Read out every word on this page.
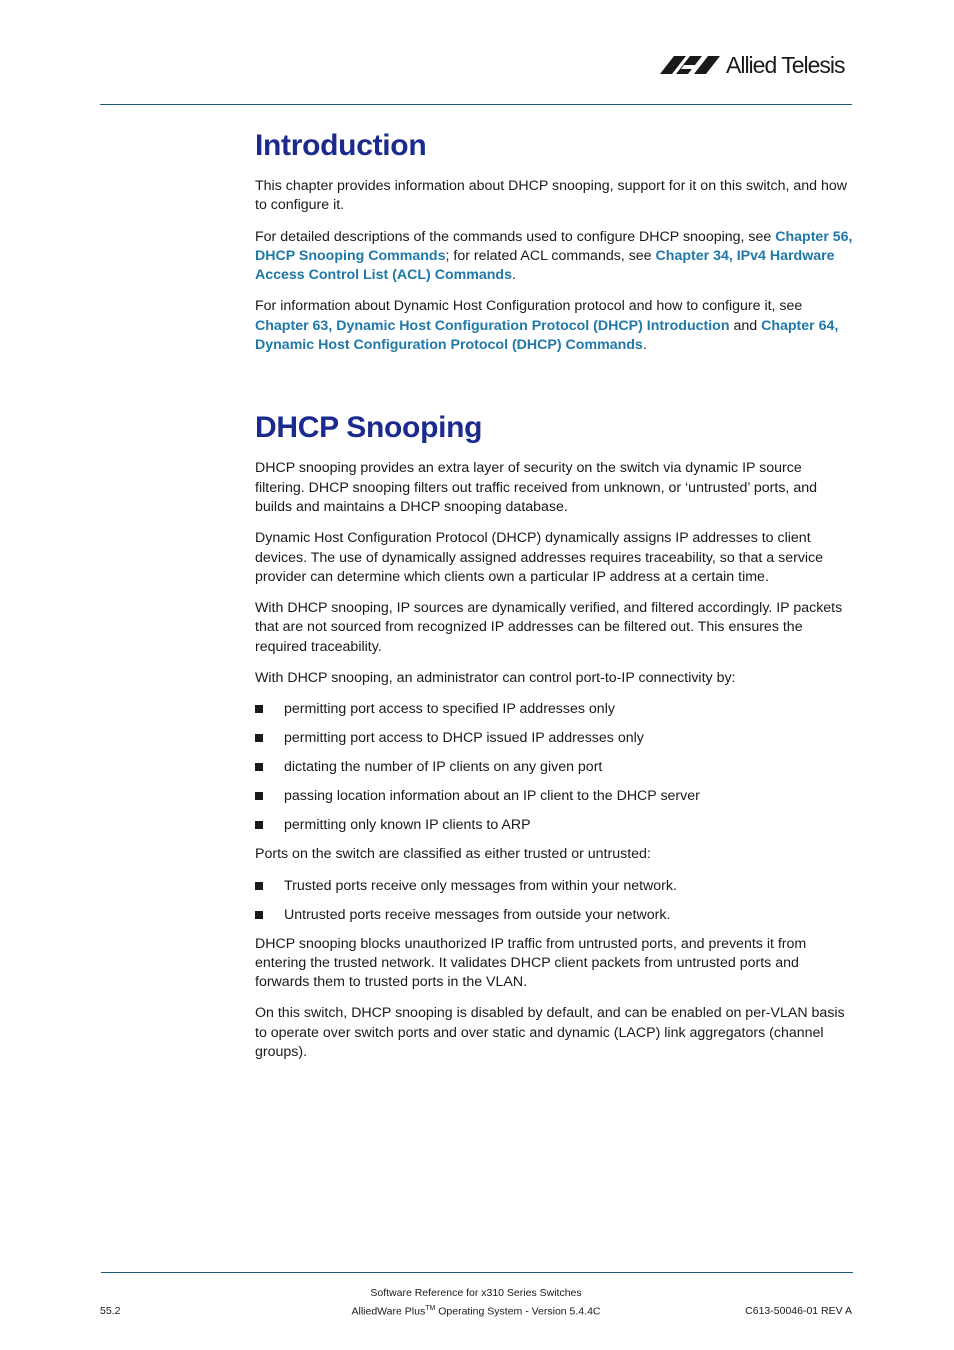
Allied Telesis
Introduction

This chapter provides information about DHCP snooping, support for it on this switch, and how to configure it.

For detailed descriptions of the commands used to configure DHCP snooping, see Chapter 56, DHCP Snooping Commands; for related ACL commands, see Chapter 34, IPv4 Hardware Access Control List (ACL) Commands.

For information about Dynamic Host Configuration protocol and how to configure it, see Chapter 63, Dynamic Host Configuration Protocol (DHCP) Introduction and Chapter 64, Dynamic Host Configuration Protocol (DHCP) Commands.

DHCP Snooping

DHCP snooping provides an extra layer of security on the switch via dynamic IP source filtering. DHCP snooping filters out traffic received from unknown, or ‘untrusted’ ports, and builds and maintains a DHCP snooping database.

Dynamic Host Configuration Protocol (DHCP) dynamically assigns IP addresses to client devices. The use of dynamically assigned addresses requires traceability, so that a service provider can determine which clients own a particular IP address at a certain time.

With DHCP snooping, IP sources are dynamically verified, and filtered accordingly. IP packets that are not sourced from recognized IP addresses can be filtered out. This ensures the required traceability.

With DHCP snooping, an administrator can control port-to-IP connectivity by:

permitting port access to specified IP addresses only
permitting port access to DHCP issued IP addresses only
dictating the number of IP clients on any given port
passing location information about an IP client to the DHCP server
permitting only known IP clients to ARP

Ports on the switch are classified as either trusted or untrusted:

Trusted ports receive only messages from within your network.
Untrusted ports receive messages from outside your network.

DHCP snooping blocks unauthorized IP traffic from untrusted ports, and prevents it from entering the trusted network. It validates DHCP client packets from untrusted ports and forwards them to trusted ports in the VLAN.

On this switch, DHCP snooping is disabled by default, and can be enabled on per-VLAN basis to operate over switch ports and over static and dynamic (LACP) link aggregators (channel groups).

Software Reference for x310 Series Switches
AlliedWare Plus™ Operating System - Version 5.4.4C
55.2	C613-50046-01 REV A
